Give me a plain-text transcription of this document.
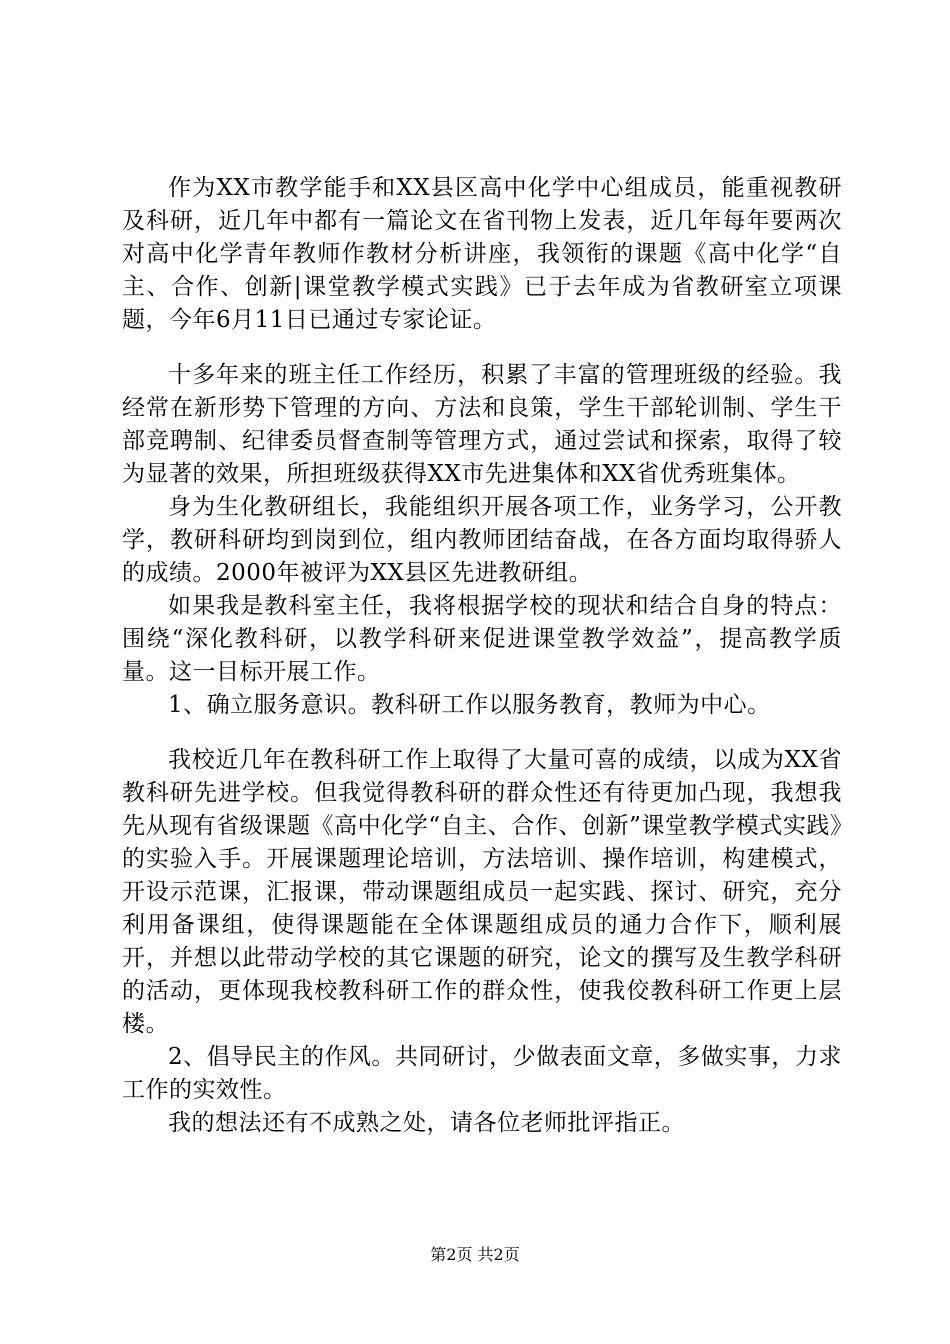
作为XX市教学能手和XX县区高中化学中心组成员，能重视教研及科研，近几年中都有一篇论文在省刊物上发表，近几年每年要两次对高中化学青年教师作教材分析讲座，我领衔的课题《高中化学“自主、合作、创新|课堂教学模式实践》已于去年成为省教研室立项课题，今年6月11日已通过专家论证。

十多年来的班主任工作经历，积累了丰富的管理班级的经验。我经常在新形势下管理的方向、方法和良策，学生干部轮训制、学生干部竞聘制、纪律委员督查制等管理方式，通过尝试和探索，取得了较为显著的效果，所担班级获得XX市先进集体和XX省优秀班集体。

身为生化教研组长，我能组织开展各项工作，业务学习，公开教学，教研科研均到岗到位，组内教师团结奋战，在各方面均取得骄人的成绩。2000年被评为XX县区先进教研组。

如果我是教科室主任，我将根据学校的现状和结合自身的特点：围绕“深化教科研，以教学科研来促进课堂教学效益”，提高教学质量。这一目标开展工作。

1、确立服务意识。教科研工作以服务教育，教师为中心。

我校近几年在教科研工作上取得了大量可喜的成绩，以成为XX省教科研先进学校。但我觉得教科研的群众性还有待更加凸现，我想我先从现有省级课题《高中化学“自主、合作、创新”课堂教学模式实践》的实验入手。开展课题理论培训，方法培训、操作培训，构建模式，开设示范课，汇报课，带动课题组成员一起实践、探讨、研究，充分利用备课组，使得课题能在全体课题组成员的通力合作下，顺利展开，并想以此带动学校的其它课题的研究，论文的撰写及生教学科研的活动，更体现我校教科研工作的群众性，使我佼教科研工作更上层楼。

2、倡导民主的作风。共同研讨，少做表面文章，多做实事，力求工作的实效性。

我的想法还有不成熟之处，请各位老师批评指正。

第2页 共2页
